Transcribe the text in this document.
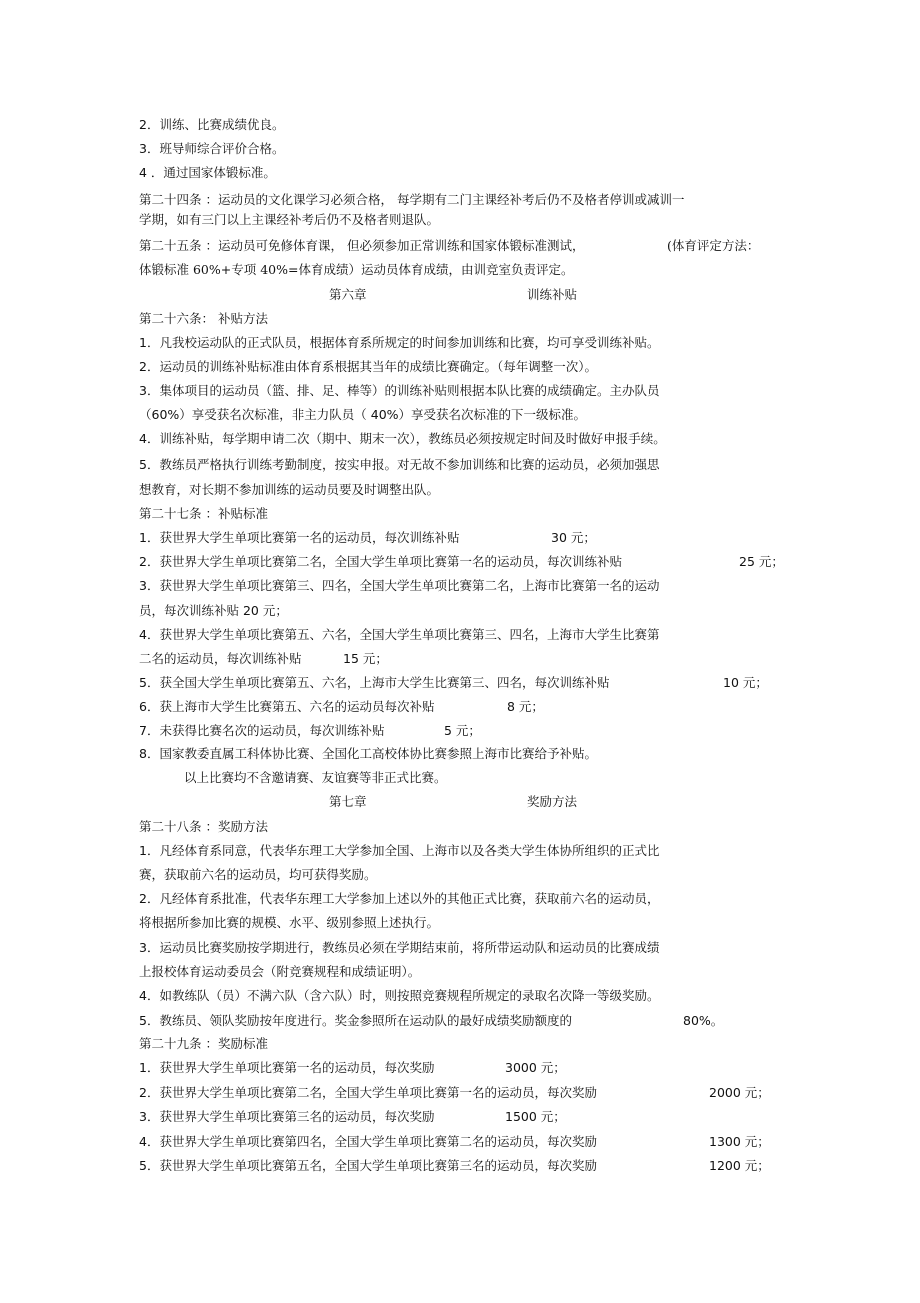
2．训练、比赛成绩优良。
3．班导师综合评价合格。
4 ．通过国家体锻标准。
第二十四条 ：运动员的文化课学习必须合格， 每学期有二门主课经补考后仍不及格者停训或减训一
学期，如有三门以上主课经补考后仍不及格者则退队。
第二十五条 ：运动员可免修体育课， 但必须参加正常训练和国家体锻标准测试，	(体育评定方法：
体锻标准 60%+专项 40%=体育成绩）运动员体育成绩，由训竞室负责评定。
第六章	训练补贴
第二十六条： 补贴方法
1．凡我校运动队的正式队员，根据体育系所规定的时间参加训练和比赛，均可享受训练补贴。
2．运动员的训练补贴标准由体育系根据其当年的成绩比赛确定。（每年调整一次）。
3．集体项目的运动员（篮、排、足、棒等）的训练补贴则根据本队比赛的成绩确定。主办队员
（60%）享受获名次标准，非主力队员（ 40%）享受获名次标准的下一级标准。
4．训练补贴，每学期申请二次（期中、期末一次），教练员必须按规定时间及时做好申报手续。
5．教练员严格执行训练考勤制度，按实申报。对无故不参加训练和比赛的运动员，必须加强思
想教育，对长期不参加训练的运动员要及时调整出队。
第二十七条 ：补贴标准
1．获世界大学生单项比赛第一名的运动员，每次训练补贴	30 元；
2．获世界大学生单项比赛第二名，全国大学生单项比赛第一名的运动员，每次训练补贴	25 元；
3．获世界大学生单项比赛第三、四名，全国大学生单项比赛第二名，上海市比赛第一名的运动
员，每次训练补贴 20 元；
4．获世界大学生单项比赛第五、六名，全国大学生单项比赛第三、四名，上海市大学生比赛第
二名的运动员，每次训练补贴	15 元；
5．获全国大学生单项比赛第五、六名，上海市大学生比赛第三、四名，每次训练补贴	10 元；
6．获上海市大学生比赛第五、六名的运动员每次补贴	8 元；
7．未获得比赛名次的运动员，每次训练补贴	5 元；
8．国家教委直属工科体协比赛、全国化工高校体协比赛参照上海市比赛给予补贴。
以上比赛均不含邀请赛、友谊赛等非正式比赛。
第七章	奖励方法
第二十八条 ：奖励方法
1．凡经体育系同意，代表华东理工大学参加全国、上海市以及各类大学生体协所组织的正式比
赛，获取前六名的运动员，均可获得奖励。
2．凡经体育系批准，代表华东理工大学参加上述以外的其他正式比赛，获取前六名的运动员，
将根据所参加比赛的规模、水平、级别参照上述执行。
3．运动员比赛奖励按学期进行，教练员必须在学期结束前，将所带运动队和运动员的比赛成绩
上报校体育运动委员会（附竞赛规程和成绩证明）。
4．如教练队（员）不满六队（含六队）时，则按照竞赛规程所规定的录取名次降一等级奖励。
5．教练员、领队奖励按年度进行。奖金参照所在运动队的最好成绩奖励额度的	80%。
第二十九条 ：奖励标准
1．获世界大学生单项比赛第一名的运动员，每次奖励	3000 元；
2．获世界大学生单项比赛第二名，全国大学生单项比赛第一名的运动员，每次奖励	2000 元；
3．获世界大学生单项比赛第三名的运动员，每次奖励	1500 元；
4．获世界大学生单项比赛第四名，全国大学生单项比赛第二名的运动员，每次奖励	1300 元；
5．获世界大学生单项比赛第五名，全国大学生单项比赛第三名的运动员，每次奖励	1200 元；
